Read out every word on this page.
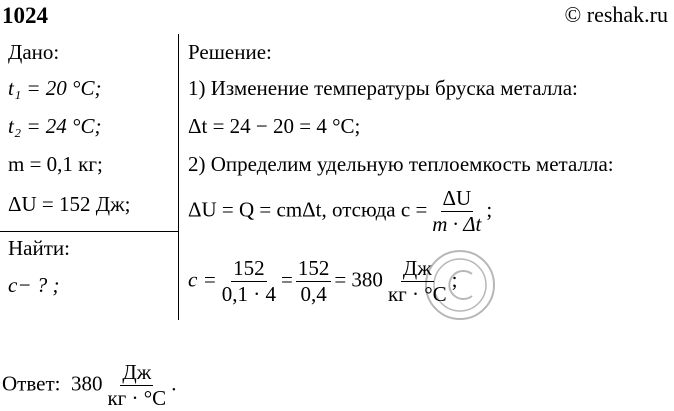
1024	© reshak.ru
Дано:
t₁ = 20 °C;
t₂ = 24 °C;
m = 0,1 кг;
ΔU = 152 Дж;
Найти:
c− ? ;
Решение:
1) Изменение температуры бруска металла:
Δt = 24 − 20 = 4 °C;
2) Определим удельную теплоемкость металла:
ΔU = Q = cmΔt, отсюда $c = \frac{\Delta U}{m \cdot \Delta t}$ ;
$c = \frac{152}{0,1 \cdot 4} = \frac{152}{0,4} = 380 \frac{Дж}{кг \cdot ^\circ C}$ ;
Ответ: $380 \frac{Дж}{кг \cdot ^\circ C}$ .
